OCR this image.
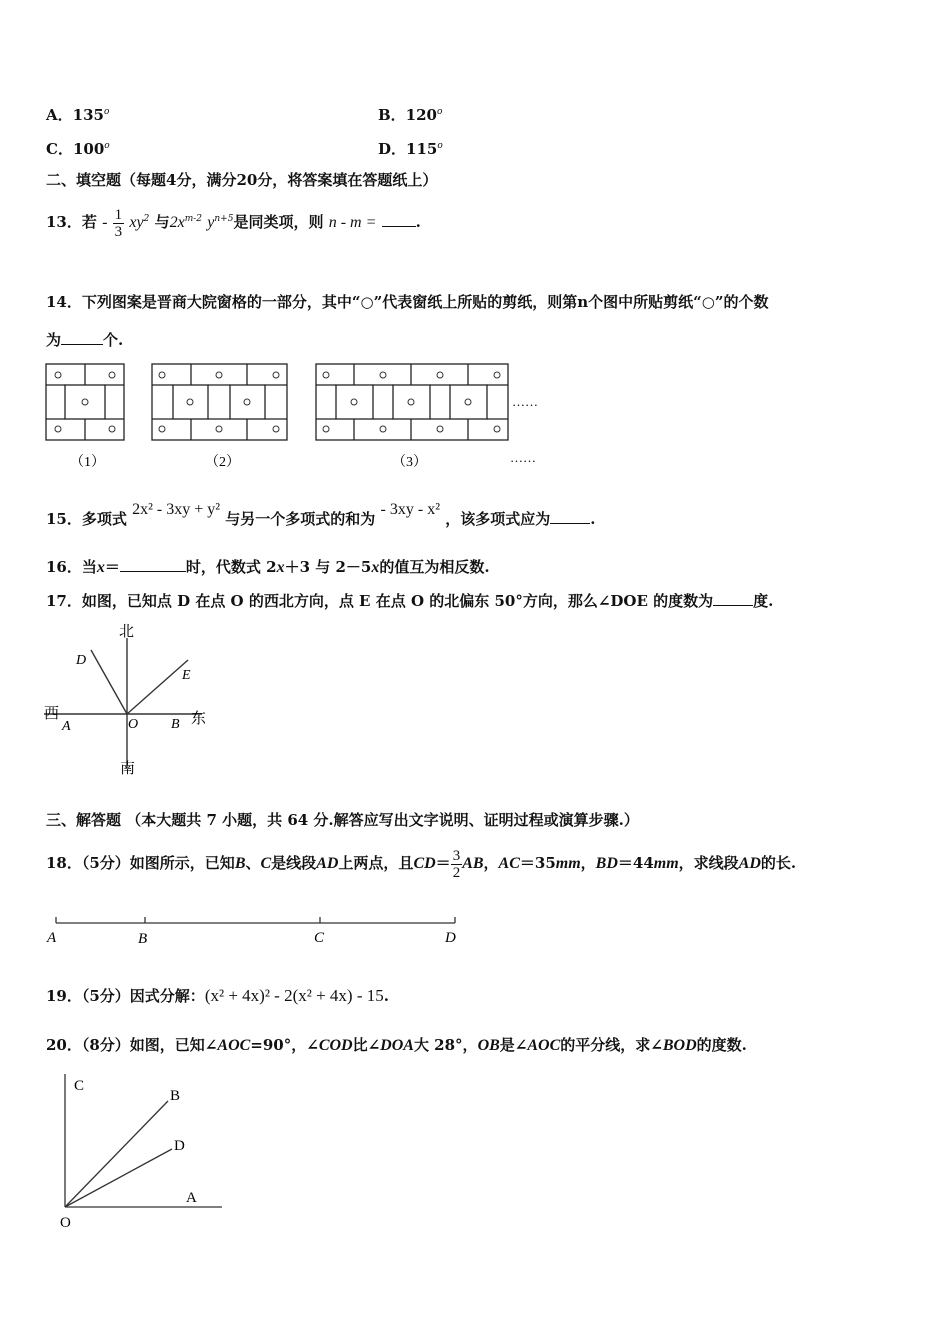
A．135$^o$	B．120$^o$
C．100$^o$	D．115$^o$
二、填空题（每题4分，满分20分，将答案填在答题纸上）
13．若 - $\frac{1}{3} xy^2$ 与$2x^{m-2}$ $y^{n+5}$是同类项，则 n - m =	.
14．下列图案是晋商大院窗格的一部分，其中“○”代表窗纸上所贴的剪纸，则第n个图中所贴剪纸“○”的个数
为	个.
（1）	（2）	（3）
……
……
15．多项式 2x² - 3xy + y² 与另一个多项式的和为 - 3xy - x² ，该多项式应为	.
16．当x＝	时，代数式 2x＋3 与 2－5x的值互为相反数.
17．如图，已知点 D 在点 O 的西北方向，点 E 在点 O 的北偏东 50°方向，那么∠DOE 的度数为	度.
北
南
西	东
D
E
A	O B
三、解答题 （本大题共 7 小题，共 64 分.解答应写出文字说明、证明过程或演算步骤.）
18．（5分）如图所示，已知B、C是线段AD上两点，且$CD= \frac{3}{2}$ AB，AC＝35mm，BD＝44mm，求线段AD的长.
A	B	C	D
19．（5分）因式分解：(x² + 4x)² - 2(x² + 4x) - 15.
20．（8分）如图，已知∠AOC=90°，∠COD比∠DOA大 28°，OB是∠AOC的平分线，求∠BOD的度数.
C
B
D
A
O
